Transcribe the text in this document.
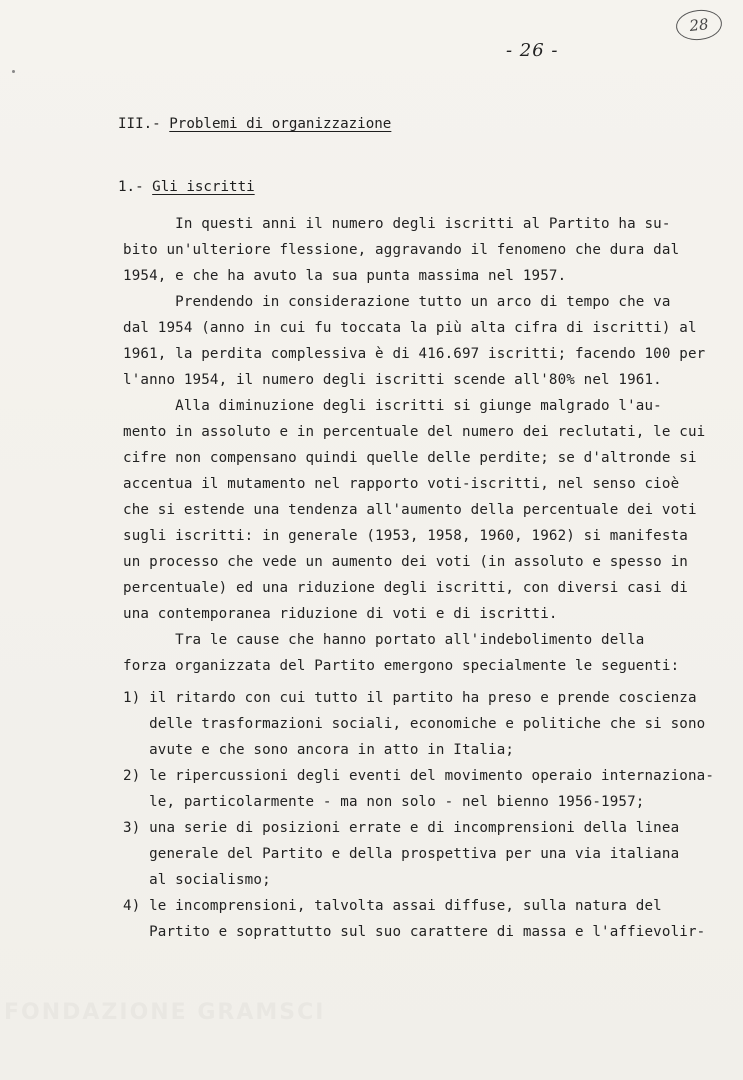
28
- 26 -
III.- Problemi di organizzazione
1.- Gli iscritti
In questi anni il numero degli iscritti al Partito ha su-
bito un'ulteriore flessione, aggravando il fenomeno che dura dal
1954, e che ha avuto la sua punta massima nel 1957.
Prendendo in considerazione tutto un arco di tempo che va
dal 1954 (anno in cui fu toccata la più alta cifra di iscritti) al
1961, la perdita complessiva è di 416.697 iscritti; facendo 100 per
l'anno 1954, il numero degli iscritti scende all'80% nel 1961.
Alla diminuzione degli iscritti si giunge malgrado l'au-
mento in assoluto e in percentuale del numero dei reclutati, le cui
cifre non compensano quindi quelle delle perdite; se d'altronde si
accentua il mutamento nel rapporto voti-iscritti, nel senso cioè
che si estende una tendenza all'aumento della percentuale dei voti
sugli iscritti: in generale (1953, 1958, 1960, 1962) si manifesta
un processo che vede un aumento dei voti (in assoluto e spesso in
percentuale) ed una riduzione degli iscritti, con diversi casi di
una contemporanea riduzione di voti e di iscritti.
Tra le cause che hanno portato all'indebolimento della
forza organizzata del Partito emergono specialmente le seguenti:
1) il ritardo con cui tutto il partito ha preso e prende coscienza
delle trasformazioni sociali, economiche e politiche che si sono
avute e che sono ancora in atto in Italia;
2) le ripercussioni degli eventi del movimento operaio internaziona-
le, particolarmente - ma non solo - nel bienno 1956-1957;
3) una serie di posizioni errate e di incomprensioni della linea
generale del Partito e della prospettiva per una via italiana
al socialismo;
4) le incomprensioni, talvolta assai diffuse, sulla natura del
Partito e soprattutto sul suo carattere di massa e l'affievolir-
FONDAZIONE GRAMSCI
